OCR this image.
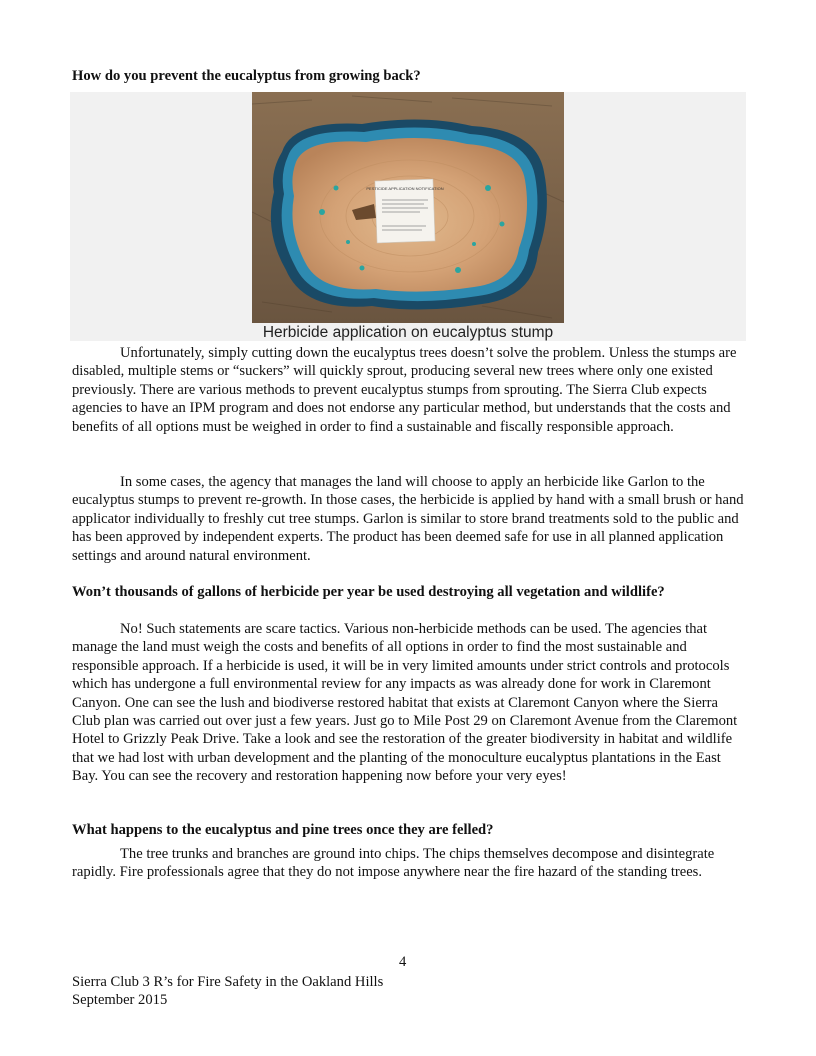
How do you prevent the eucalyptus from growing back?

PESTICIDE APPLICATION NOTIFICATION
Herbicide application on eucalyptus stump

Unfortunately, simply cutting down the eucalyptus trees doesn’t solve the problem. Unless the stumps are disabled, multiple stems or “suckers” will quickly sprout, producing several new trees where only one existed previously. There are various methods to prevent eucalyptus stumps from sprouting. The Sierra Club expects agencies to have an IPM program and does not endorse any particular method, but understands that the costs and benefits of all options must be weighed in order to find a sustainable and fiscally responsible approach.

In some cases, the agency that manages the land will choose to apply an herbicide like Garlon to the eucalyptus stumps to prevent re-growth. In those cases, the herbicide is applied by hand with a small brush or hand applicator individually to freshly cut tree stumps. Garlon is similar to store brand treatments sold to the public and has been approved by independent experts. The product has been deemed safe for use in all planned application settings and around natural environment.

Won’t thousands of gallons of herbicide per year be used destroying all vegetation and wildlife?

No! Such statements are scare tactics. Various non-herbicide methods can be used. The agencies that manage the land must weigh the costs and benefits of all options in order to find the most sustainable and responsible approach. If a herbicide is used, it will be in very limited amounts under strict controls and protocols which has undergone a full environmental review for any impacts as was already done for work in Claremont Canyon. One can see the lush and biodiverse restored habitat that exists at Claremont Canyon where the Sierra Club plan was carried out over just a few years. Just go to Mile Post 29 on Claremont Avenue from the Claremont Hotel to Grizzly Peak Drive. Take a look and see the restoration of the greater biodiversity in habitat and wildlife that we had lost with urban development and the planting of the monoculture eucalyptus plantations in the East Bay. You can see the recovery and restoration happening now before your very eyes!

What happens to the eucalyptus and pine trees once they are felled?

The tree trunks and branches are ground into chips. The chips themselves decompose and disintegrate rapidly. Fire professionals agree that they do not impose anywhere near the fire hazard of the standing trees.

4
Sierra Club 3 R’s for Fire Safety in the Oakland Hills
September 2015
